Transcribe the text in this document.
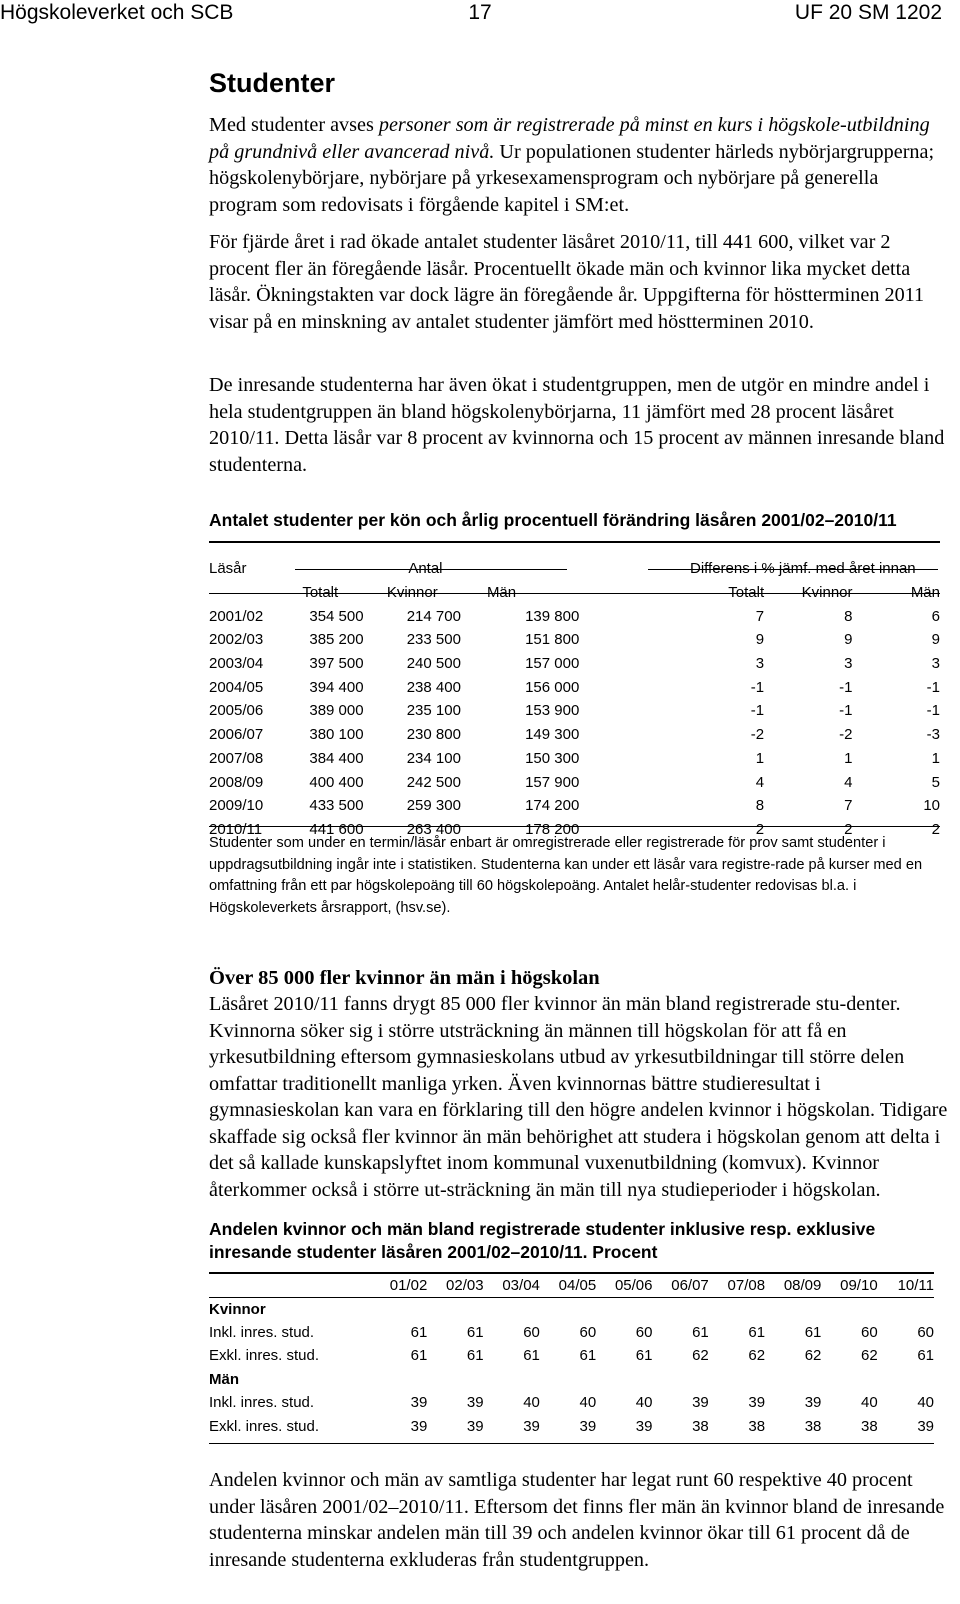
Högskoleverket och SCB	17	UF 20 SM 1202
Studenter

Med studenter avses personer som är registrerade på minst en kurs i högskole-utbildning på grundnivå eller avancerad nivå. Ur populationen studenter härleds nybörjargrupperna; högskolenybörjare, nybörjare på yrkesexamensprogram och nybörjare på generella program som redovisats i förgående kapitel i SM:et.

För fjärde året i rad ökade antalet studenter läsåret 2010/11, till 441 600, vilket var 2 procent fler än föregående läsår. Procentuellt ökade män och kvinnor lika mycket detta läsår. Ökningstakten var dock lägre än föregående år. Uppgifterna för höstterminen 2011 visar på en minskning av antalet studenter jämfört med höstterminen 2010.

De inresande studenterna har även ökat i studentgruppen, men de utgör en mindre andel i hela studentgruppen än bland högskolenybörjarna, 11 jämfört med 28 procent läsåret 2010/11. Detta läsår var 8 procent av kvinnorna och 15 procent av männen inresande bland studenterna.

Antalet studenter per kön och årlig procentuell förändring läsåren 2001/02–2010/11
Läsår	Antal				Differens i % jämf. med året innan		
	Totalt	Kvinnor	Män		Totalt	Kvinnor	Män
2001/02	354 500	214 700	139 800		7	8	6
2002/03	385 200	233 500	151 800		9	9	9
2003/04	397 500	240 500	157 000		3	3	3
2004/05	394 400	238 400	156 000		-1	-1	-1
2005/06	389 000	235 100	153 900		-1	-1	-1
2006/07	380 100	230 800	149 300		-2	-2	-3
2007/08	384 400	234 100	150 300		1	1	1
2008/09	400 400	242 500	157 900		4	4	5
2009/10	433 500	259 300	174 200		8	7	10
2010/11	441 600	263 400	178 200		2	2	2
Studenter som under en termin/läsår enbart är omregistrerade eller registrerade för prov samt studenter i uppdragsutbildning ingår inte i statistiken. Studenterna kan under ett läsår vara registre-rade på kurser med en omfattning från ett par högskolepoäng till 60 högskolepoäng. Antalet helår-studenter redovisas bl.a. i Högskoleverkets årsrapport, (hsv.se).
Över 85 000 fler kvinnor än män i högskolan

Läsåret 2010/11 fanns drygt 85 000 fler kvinnor än män bland registrerade stu-denter. Kvinnorna söker sig i större utsträckning än männen till högskolan för att få en yrkesutbildning eftersom gymnasieskolans utbud av yrkesutbildningar till större delen omfattar traditionellt manliga yrken. Även kvinnornas bättre studieresultat i gymnasieskolan kan vara en förklaring till den högre andelen kvinnor i högskolan. Tidigare skaffade sig också fler kvinnor än män behörighet att studera i högskolan genom att delta i det så kallade kunskapslyftet inom kommunal vuxenutbildning (komvux). Kvinnor återkommer också i större ut-sträckning än män till nya studieperioder i högskolan.

Andelen kvinnor och män bland registrerade studenter inklusive resp. exklusive inresande studenter läsåren 2001/02–2010/11. Procent
	01/02	02/03	03/04	04/05	05/06	06/07	07/08	08/09	09/10	10/11
Kvinnor										
Inkl. inres. stud.	61	61	60	60	60	61	61	61	60	60
Exkl. inres. stud.	61	61	61	61	61	62	62	62	62	61
Män										
Inkl. inres. stud.	39	39	40	40	40	39	39	39	40	40
Exkl. inres. stud.	39	39	39	39	39	38	38	38	38	39

Andelen kvinnor och män av samtliga studenter har legat runt 60 respektive 40 procent under läsåren 2001/02–2010/11. Eftersom det finns fler män än kvinnor bland de inresande studenterna minskar andelen män till 39 och andelen kvinnor ökar till 61 procent då de inresande studenterna exkluderas från studentgruppen.
